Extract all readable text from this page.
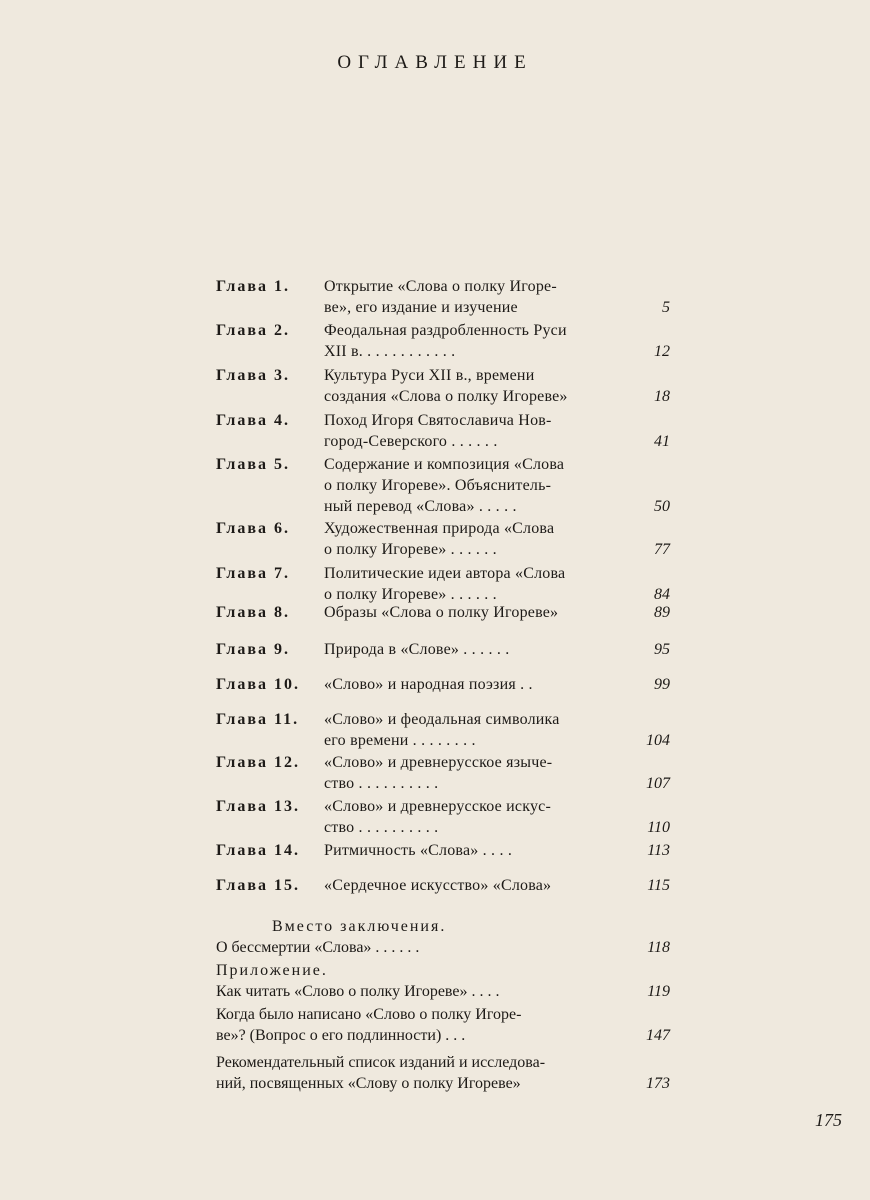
ОГЛАВЛЕНИЕ
Глава 1. Открытие «Слова о полку Игоре-
ве», его издание и изучение	5
Глава 2. Феодальная раздробленность Руси
XII в. . . . . . . . . . . .	12
Глава 3. Культура Руси XII в., времени
создания «Слова о полку Игореве»	18
Глава 4. Поход Игоря Святославича Нов-
город-Северского . . . . . .	41
Глава 5. Содержание и композиция «Слова
о полку Игореве». Объяснитель-
ный перевод «Слова» . . . . .	50
Глава 6. Художественная природа «Слова
о полку Игореве» . . . . . .	77
Глава 7. Политические идеи автора «Слова
о полку Игореве» . . . . . .	84
Глава 8. Образы «Слова о полку Игореве»	89
Глава 9. Природа в «Слове» . . . . . .	95
Глава 10. «Слово» и народная поэзия . .	99
Глава 11. «Слово» и феодальная символика
его времени . . . . . . . .	104
Глава 12. «Слово» и древнерусское языче-
ство . . . . . . . . . .	107
Глава 13. «Слово» и древнерусское искус-
ство . . . . . . . . . .	110
Глава 14. Ритмичность «Слова» . . . .	113
Глава 15. «Сердечное искусство» «Слова»	115
Вместо заключения.
О бессмертии «Слова» . . . . . .	118
Приложение.
Как читать «Слово о полку Игореве» . . . .	119
Когда было написано «Слово о полку Игоре-
ве»? (Вопрос о его подлинности) . . .	147
Рекомендательный список изданий и исследова-
ний, посвященных «Слову о полку Игореве»	173
175
